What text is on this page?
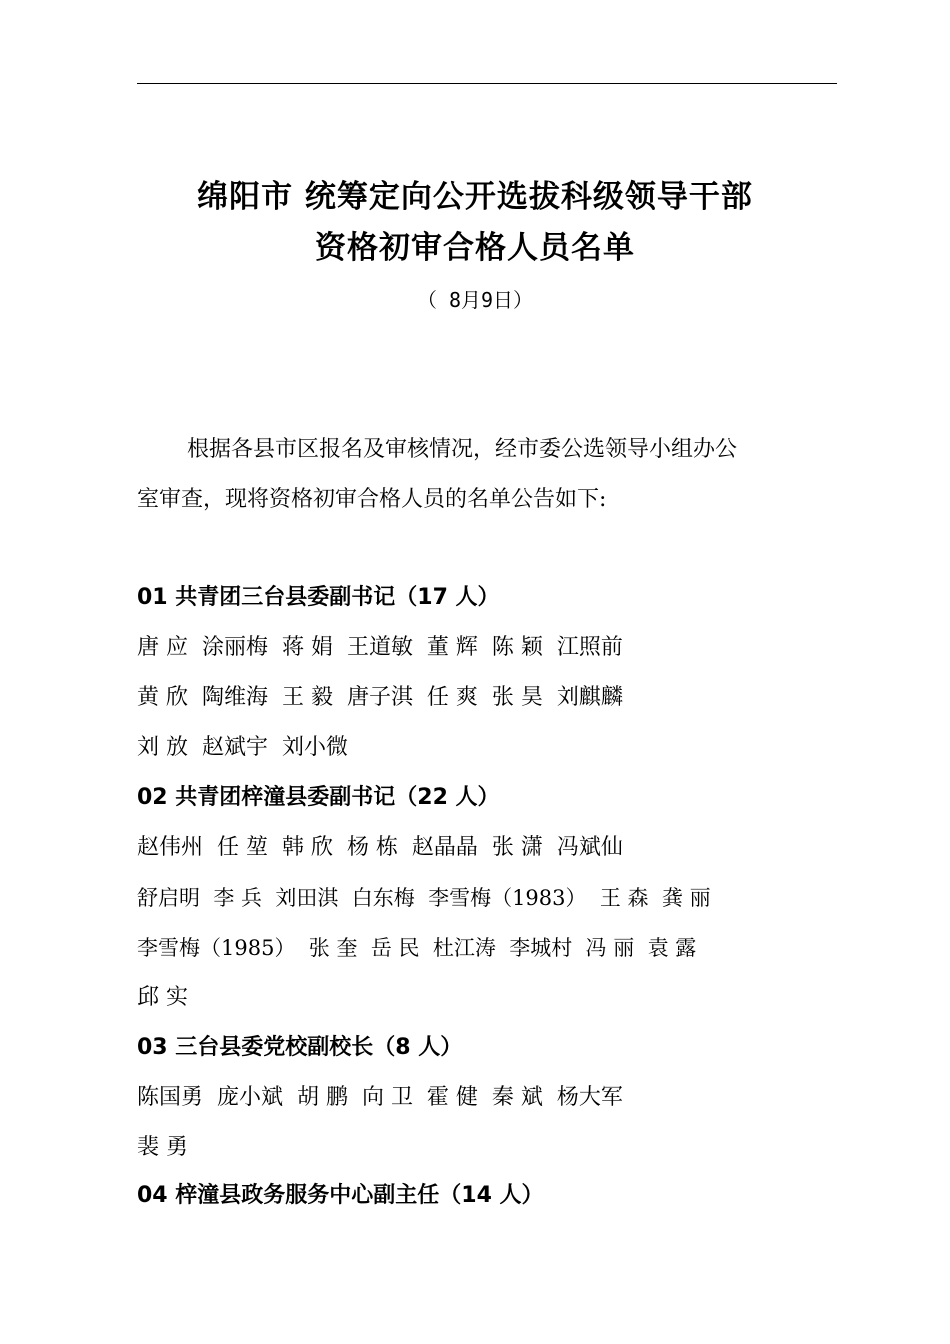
绵阳市 统筹定向公开选拔科级领导干部
资格初审合格人员名单
（ 8月9日）
根据各县市区报名及审核情况，经市委公选领导小组办公
室审查，现将资格初审合格人员的名单公告如下:
01 共青团三台县委副书记（17 人）
唐 应  涂丽梅  蒋 娟  王道敏  董 辉  陈 颖  江照前
黄 欣  陶维海  王 毅  唐子淇  任 爽  张 昊  刘麒麟
刘 放  赵斌宇  刘小微
02 共青团梓潼县委副书记（22 人）
赵伟州  任 堃  韩 欣  杨 栋  赵晶晶  张 潇  冯斌仙
舒启明  李 兵  刘田淇  白东梅  李雪梅（1983）  王 森  龚 丽
李雪梅（1985）  张 奎  岳 民  杜江涛  李城村  冯 丽  袁 露
邱 实
03 三台县委党校副校长（8 人）
陈国勇  庞小斌  胡 鹏  向 卫  霍 健  秦 斌  杨大军
裴 勇
04 梓潼县政务服务中心副主任（14 人）
